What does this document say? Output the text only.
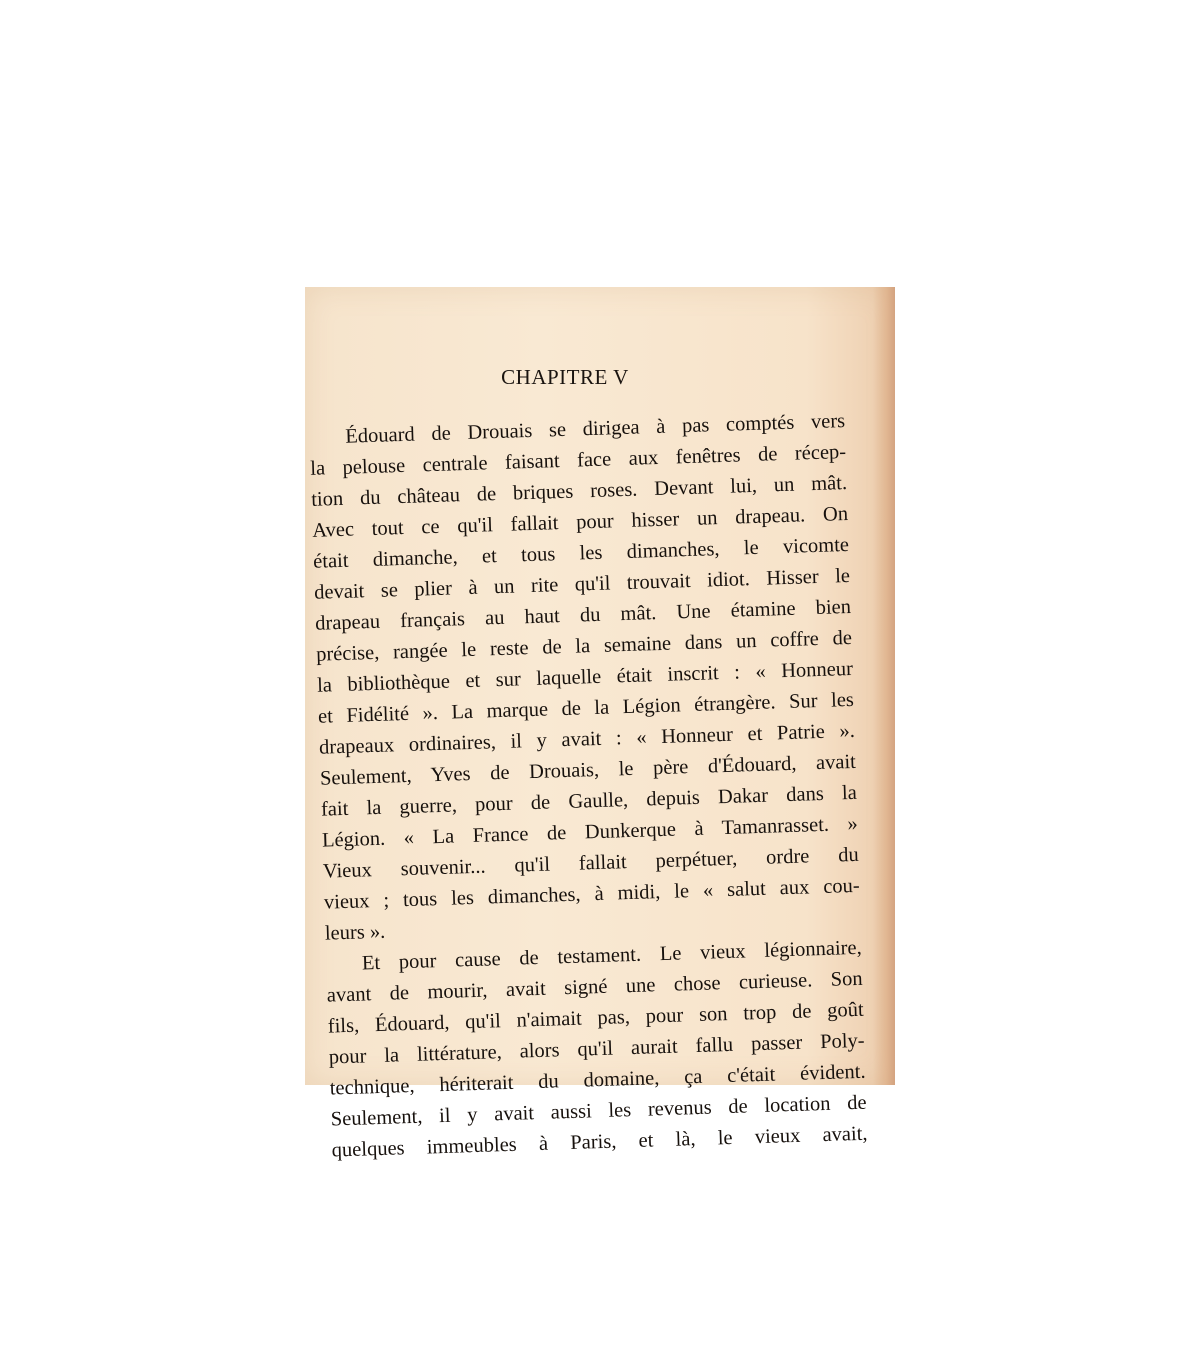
CHAPITRE V
Édouard de Drouais se dirigea à pas comptés vers
la pelouse centrale faisant face aux fenêtres de récep-
tion du château de briques roses. Devant lui, un mât.
Avec tout ce qu'il fallait pour hisser un drapeau. On
était dimanche, et tous les dimanches, le vicomte
devait se plier à un rite qu'il trouvait idiot. Hisser le
drapeau français au haut du mât. Une étamine bien
précise, rangée le reste de la semaine dans un coffre de
la bibliothèque et sur laquelle était inscrit : « Honneur
et Fidélité ». La marque de la Légion étrangère. Sur les
drapeaux ordinaires, il y avait : « Honneur et Patrie ».
Seulement, Yves de Drouais, le père d'Édouard, avait
fait la guerre, pour de Gaulle, depuis Dakar dans la
Légion. « La France de Dunkerque à Tamanrasset. »
Vieux souvenir... qu'il fallait perpétuer, ordre du
vieux ; tous les dimanches, à midi, le « salut aux cou-
leurs ».
Et pour cause de testament. Le vieux légionnaire,
avant de mourir, avait signé une chose curieuse. Son
fils, Édouard, qu'il n'aimait pas, pour son trop de goût
pour la littérature, alors qu'il aurait fallu passer Poly-
technique, hériterait du domaine, ça c'était évident.
Seulement, il y avait aussi les revenus de location de
quelques immeubles à Paris, et là, le vieux avait,
